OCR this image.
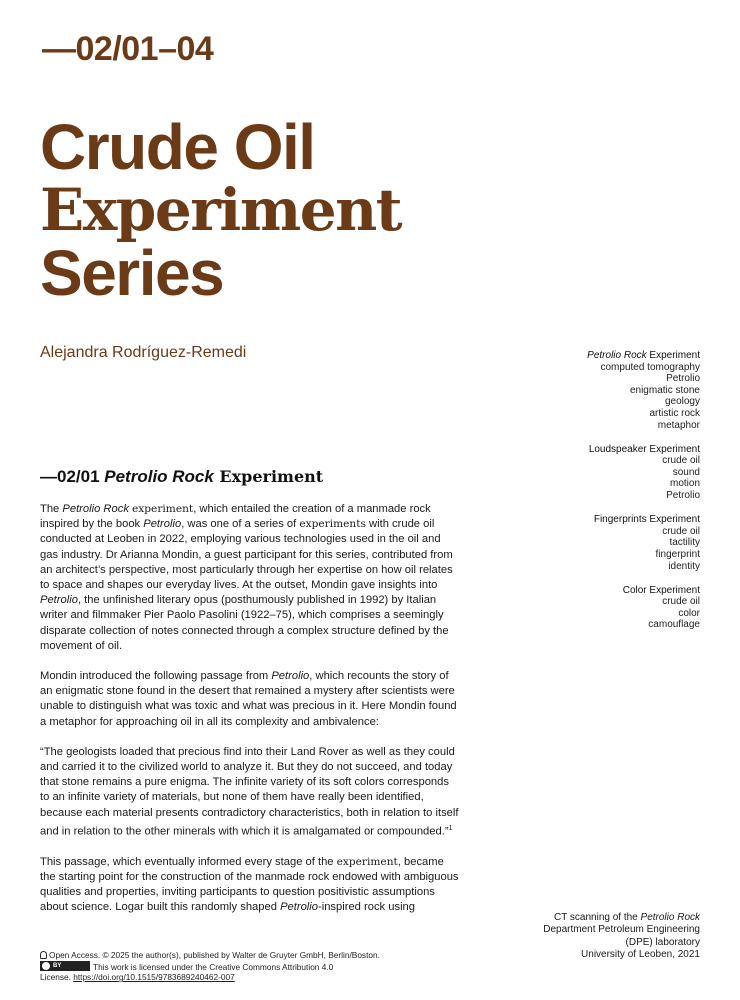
—02/01–04
Crude Oil
Experiment
Series
Alejandra Rodríguez-Remedi	Petrolio Rock Experiment
computed tomography
Petrolio
enigmatic stone
geology
artistic rock
metaphor
Loudspeaker Experiment
crude oil
sound
motion
Petrolio
Fingerprints Experiment
crude oil
tactility
fingerprint
identity
Color Experiment
crude oil
color
camouflage
—02/01 Petrolio Rock Experiment

The Petrolio Rock experiment, which entailed the creation of a manmade rock inspired by the book Petrolio, was one of a series of experiments with crude oil conducted at Leoben in 2022, employing various technologies used in the oil and gas industry. Dr Arianna Mondin, a guest participant for this series, contributed from an architect’s perspective, most particularly through her expertise on how oil relates to space and shapes our everyday lives. At the outset, Mondin gave insights into Petrolio, the unfinished literary opus (posthumously published in 1992) by Italian writer and filmmaker Pier Paolo Pasolini (1922–75), which comprises a seemingly disparate collection of notes connected through a complex structure defined by the movement of oil.

Mondin introduced the following passage from Petrolio, which recounts the story of an enigmatic stone found in the desert that remained a mystery after scientists were unable to distinguish what was toxic and what was precious in it. Here Mondin found a metaphor for approaching oil in all its complexity and ambivalence:

“The geologists loaded that precious find into their Land Rover as well as they could and carried it to the civilized world to analyze it. But they do not succeed, and today that stone remains a pure enigma. The infinite variety of its soft colors corresponds to an infinite variety of materials, but none of them have really been identified, because each material presents contradictory characteristics, both in relation to itself and in relation to the other minerals with which it is amalgamated or compounded.”$^1$

This passage, which eventually informed every stage of the experiment, became the starting point for the construction of the manmade rock endowed with ambiguous qualities and properties, inviting participants to question positivistic assumptions about science. Logar built this randomly shaped Petrolio-inspired rock using

CT scanning of the Petrolio Rock
Department Petroleum Engineering
(DPE) laboratory
University of Leoben, 2021
Open Access. © 2025 the author(s), published by Walter de Gruyter GmbH, Berlin/Boston.
BYThis work is licensed under the Creative Commons Attribution 4.0
License. https://doi.org/10.1515/9783689240462-007
